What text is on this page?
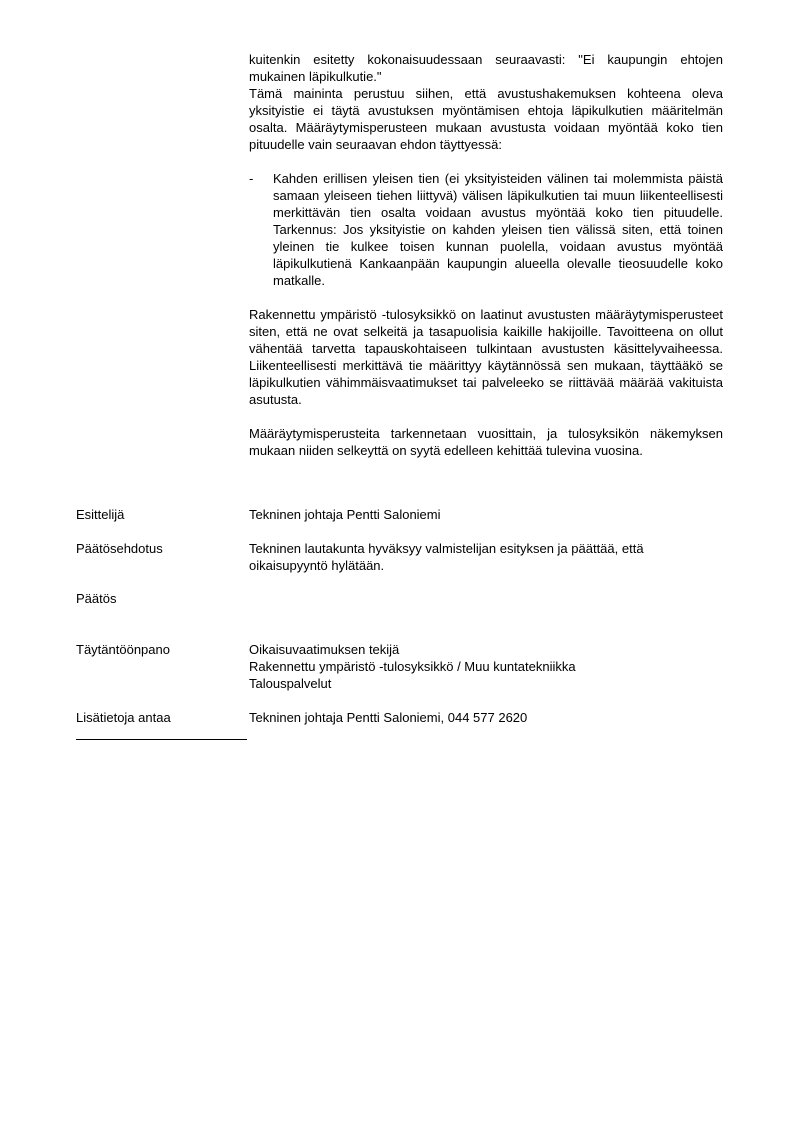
kuitenkin esitetty kokonaisuudessaan seuraavasti: "Ei kaupungin ehtojen mukainen läpikulkutie."

Tämä maininta perustuu siihen, että avustushakemuksen kohteena oleva yksityistie ei täytä avustuksen myöntämisen ehtoja läpikulkutien määritelmän osalta. Määräytymisperusteen mukaan avustusta voidaan myöntää koko tien pituudelle vain seuraavan ehdon täyttyessä:

- Kahden erillisen yleisen tien (ei yksityisteiden välinen tai molemmista päistä samaan yleiseen tiehen liittyvä) välisen läpikulkutien tai muun liikenteellisesti merkittävän tien osalta voidaan avustus myöntää koko tien pituudelle. Tarkennus: Jos yksityistie on kahden yleisen tien välissä siten, että toinen yleinen tie kulkee toisen kunnan puolella, voidaan avustus myöntää läpikulkutienä Kankaanpään kaupungin alueella olevalle tieosuudelle koko matkalle.

Rakennettu ympäristö -tulosyksikkö on laatinut avustusten määräytymisperusteet siten, että ne ovat selkeitä ja tasapuolisia kaikille hakijoille. Tavoitteena on ollut vähentää tarvetta tapauskohtaiseen tulkintaan avustusten käsittelyvaiheessa. Liikenteellisesti merkittävä tie määrittyy käytännössä sen mukaan, täyttääkö se läpikulkutien vähimmäisvaatimukset tai palveleeko se riittävää määrää vakituista asutusta.

Määräytymisperusteita tarkennetaan vuosittain, ja tulosyksikön näkemyksen mukaan niiden selkeyttä on syytä edelleen kehittää tulevina vuosina.

Esittelijä	Tekninen johtaja Pentti Saloniemi
Päätösehdotus	Tekninen lautakunta hyväksyy valmistelijan esityksen ja päättää, että oikaisupyyntö hylätään.
Päätös
Täytäntöönpano	Oikaisuvaatimuksen tekijä
Rakennettu ympäristö -tulosyksikkö / Muu kuntatekniikka
Talouspalvelut
Lisätietoja antaa	Tekninen johtaja Pentti Saloniemi, 044 577 2620
